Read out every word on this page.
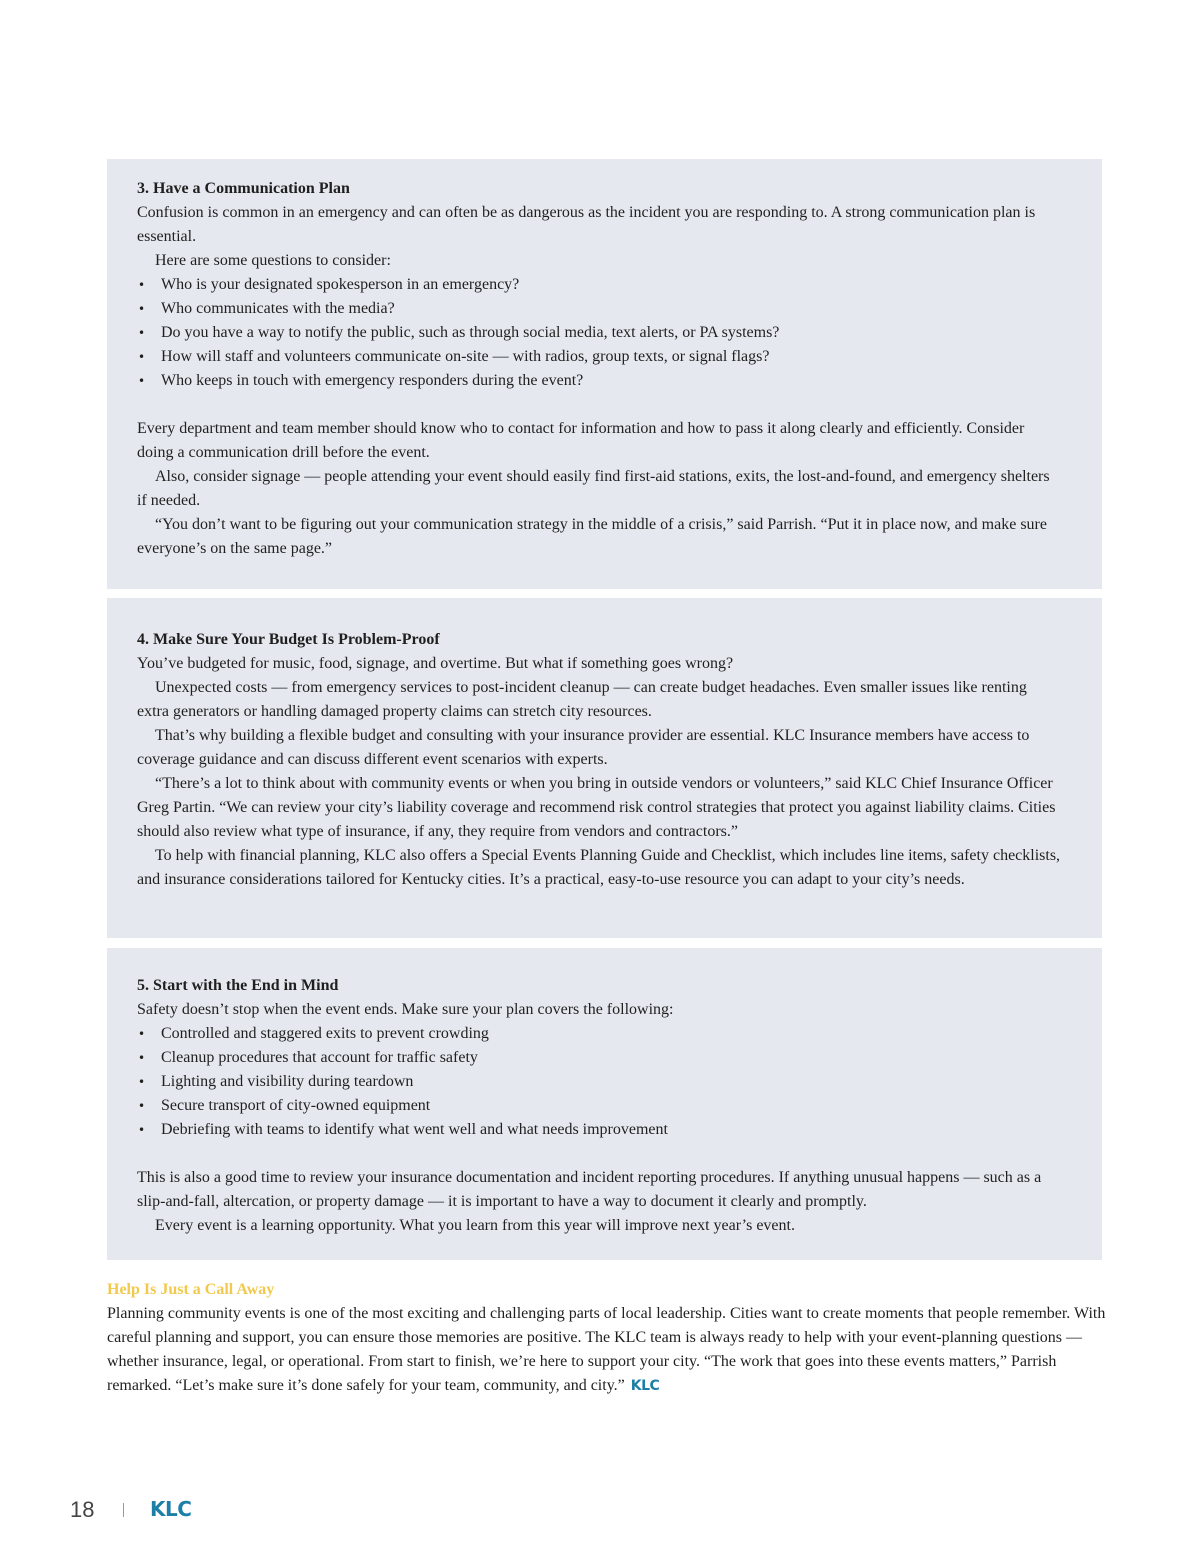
3. Have a Communication Plan

Confusion is common in an emergency and can often be as dangerous as the incident you are responding to. A strong communication plan is essential.

Here are some questions to consider:

• Who is your designated spokesperson in an emergency?
• Who communicates with the media?
• Do you have a way to notify the public, such as through social media, text alerts, or PA systems?
• How will staff and volunteers communicate on-site — with radios, group texts, or signal flags?
• Who keeps in touch with emergency responders during the event?

Every department and team member should know who to contact for information and how to pass it along clearly and efficiently. Consider doing a communication drill before the event.

Also, consider signage — people attending your event should easily find first-aid stations, exits, the lost-and-found, and emergency shelters if needed.

“You don’t want to be figuring out your communication strategy in the middle of a crisis,” said Parrish. “Put it in place now, and make sure everyone’s on the same page.”

4. Make Sure Your Budget Is Problem-Proof

You’ve budgeted for music, food, signage, and overtime. But what if something goes wrong?

Unexpected costs — from emergency services to post-incident cleanup — can create budget headaches. Even smaller issues like renting extra generators or handling damaged property claims can stretch city resources.

That’s why building a flexible budget and consulting with your insurance provider are essential. KLC Insurance members have access to coverage guidance and can discuss different event scenarios with experts.

“There’s a lot to think about with community events or when you bring in outside vendors or volunteers,” said KLC Chief Insurance Officer Greg Partin. “We can review your city’s liability coverage and recommend risk control strategies that protect you against liability claims. Cities should also review what type of insurance, if any, they require from vendors and contractors.”

To help with financial planning, KLC also offers a Special Events Planning Guide and Checklist, which includes line items, safety checklists, and insurance considerations tailored for Kentucky cities. It’s a practical, easy-to-use resource you can adapt to your city’s needs.

5. Start with the End in Mind

Safety doesn’t stop when the event ends. Make sure your plan covers the following:

• Controlled and staggered exits to prevent crowding
• Cleanup procedures that account for traffic safety
• Lighting and visibility during teardown
• Secure transport of city-owned equipment
• Debriefing with teams to identify what went well and what needs improvement

This is also a good time to review your insurance documentation and incident reporting procedures. If anything unusual happens — such as a slip-and-fall, altercation, or property damage — it is important to have a way to document it clearly and promptly.

Every event is a learning opportunity. What you learn from this year will improve next year’s event.

Help Is Just a Call Away

Planning community events is one of the most exciting and challenging parts of local leadership. Cities want to create moments that people remember. With careful planning and support, you can ensure those memories are positive. The KLC team is always ready to help with your event-planning questions — whether insurance, legal, or operational. From start to finish, we’re here to support your city. “The work that goes into these events matters,” Parrish remarked. “Let’s make sure it’s done safely for your team, community, and city.” KLC

18	KLC
